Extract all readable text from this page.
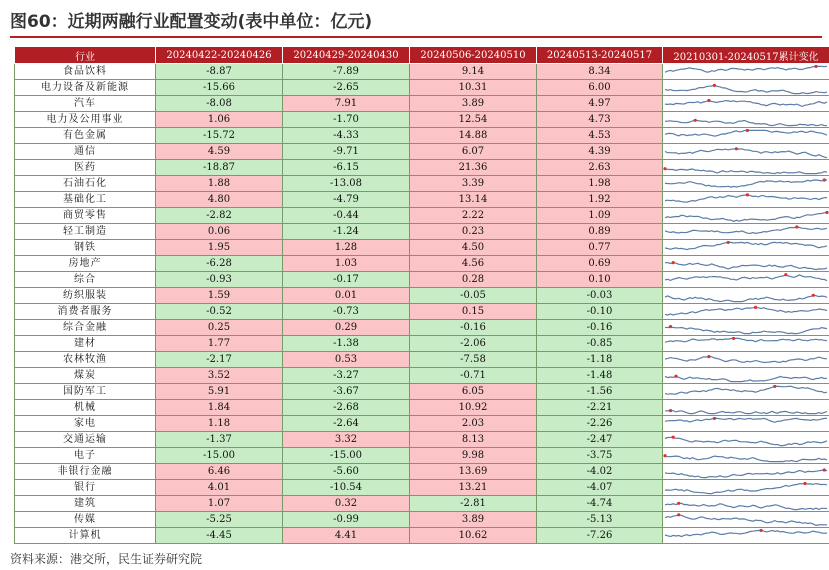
图60：近期两融行业配置变动(表中单位：亿元)
行业	20240422-20240426	20240429-20240430	20240506-20240510	20240513-20240517	20210301-20240517累计变化
食品饮料	-8.87	-7.89	9.14	8.34	

电力设备及新能源	-15.66	-2.65	10.31	6.00	

汽车	-8.08	7.91	3.89	4.97	

电力及公用事业	1.06	-1.70	12.54	4.73	

有色金属	-15.72	-4.33	14.88	4.53	

通信	4.59	-9.71	6.07	4.39	

医药	-18.87	-6.15	21.36	2.63	

石油石化	1.88	-13.08	3.39	1.98	

基础化工	4.80	-4.79	13.14	1.92	

商贸零售	-2.82	-0.44	2.22	1.09	

轻工制造	0.06	-1.24	0.23	0.89	

钢铁	1.95	1.28	4.50	0.77	

房地产	-6.28	1.03	4.56	0.69	

综合	-0.93	-0.17	0.28	0.10	

纺织服装	1.59	0.01	-0.05	-0.03	

消费者服务	-0.52	-0.73	0.15	-0.10	

综合金融	0.25	0.29	-0.16	-0.16	

建材	1.77	-1.38	-2.06	-0.85	

农林牧渔	-2.17	0.53	-7.58	-1.18	

煤炭	3.52	-3.27	-0.71	-1.48	

国防军工	5.91	-3.67	6.05	-1.56	

机械	1.84	-2.68	10.92	-2.21	

家电	1.18	-2.64	2.03	-2.26	

交通运输	-1.37	3.32	8.13	-2.47	

电子	-15.00	-15.00	9.98	-3.75	

非银行金融	6.46	-5.60	13.69	-4.02	

银行	4.01	-10.54	13.21	-4.07	

建筑	1.07	0.32	-2.81	-4.74	

传媒	-5.25	-0.99	3.89	-5.13	

计算机	-4.45	4.41	10.62	-7.26	
资料来源：港交所，民生证券研究院
